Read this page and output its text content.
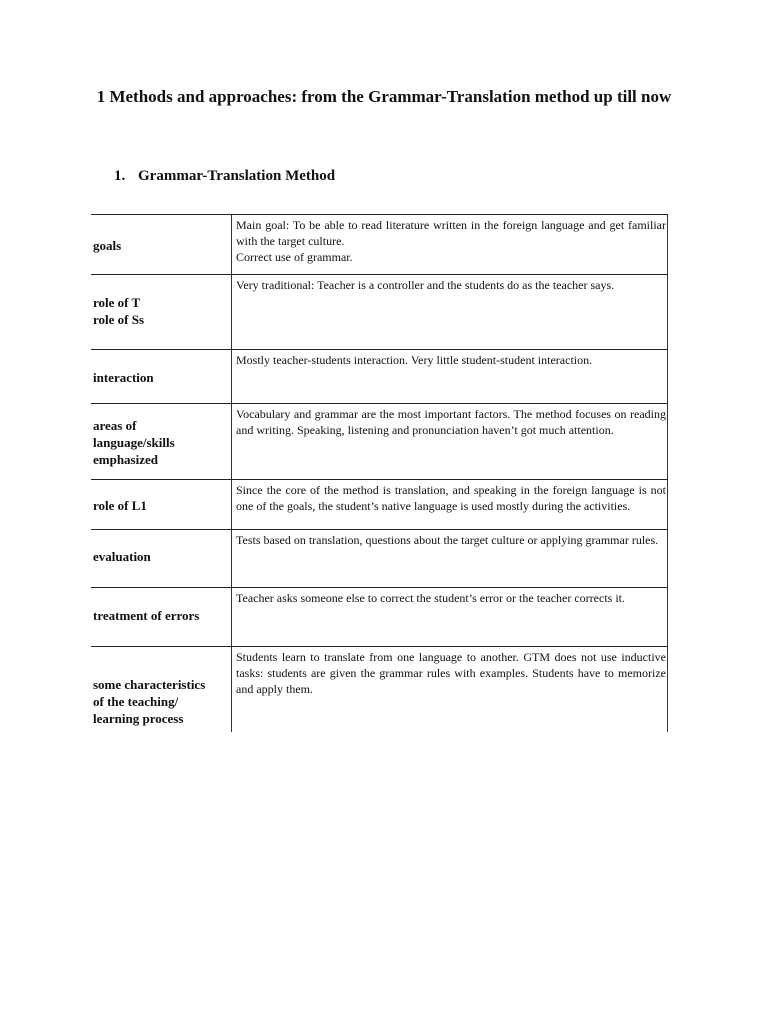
1 Methods and approaches: from the Grammar-Translation method up till now
1. Grammar-Translation Method
goals
Main goal: To be able to read literature written in the foreign language and get familiar with the target culture.
Correct use of grammar.
role of T
role of Ss
Very traditional: Teacher is a controller and the students do as the teacher says.
interaction
Mostly teacher-students interaction. Very little student-student interaction.
areas of
language/skills
emphasized
Vocabulary and grammar are the most important factors. The method focuses on reading and writing. Speaking, listening and pronunciation haven’t got much attention.
role of L1
Since the core of the method is translation, and speaking in the foreign language is not one of the goals, the student’s native language is used mostly during the activities.
evaluation
Tests based on translation, questions about the target culture or applying grammar rules.
treatment of errors
Teacher asks someone else to correct the student’s error or the teacher corrects it.
some characteristics
of the teaching/
learning process
Students learn to translate from one language to another. GTM does not use inductive tasks: students are given the grammar rules with examples. Students have to memorize and apply them.
